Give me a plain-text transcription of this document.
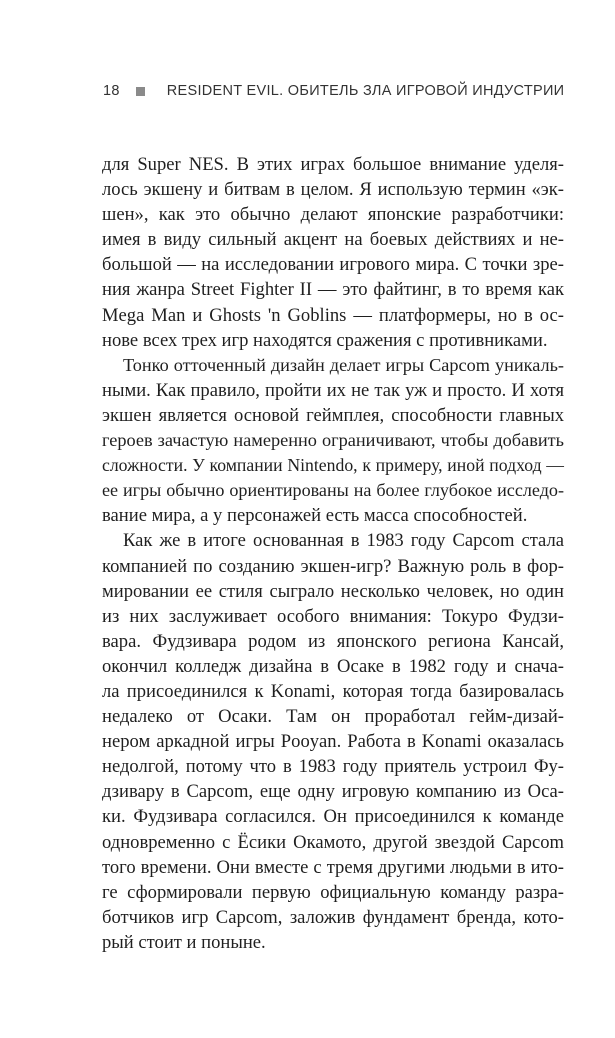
18	RESIDENT EVIL. ОБИТЕЛЬ ЗЛА ИГРОВОЙ ИНДУСТРИИ
для Super NES. В этих играх большое внимание уделя-
лось экшену и битвам в целом. Я использую термин «эк-
шен», как это обычно делают японские разработчики:
имея в виду сильный акцент на боевых действиях и не-
большой — на исследовании игрового мира. С точки зре-
ния жанра Street Fighter II — это файтинг, в то время как
Mega Man и Ghosts 'n Goblins — платформеры, но в ос-
нове всех трех игр находятся сражения с противниками.
Тонко отточенный дизайн делает игры Capcom уникаль-
ными. Как правило, пройти их не так уж и просто. И хотя
экшен является основой геймплея, способности главных
героев зачастую намеренно ограничивают, чтобы добавить
сложности. У компании Nintendo, к примеру, иной подход —
ее игры обычно ориентированы на более глубокое исследо-
вание мира, а у персонажей есть масса способностей.
Как же в итоге основанная в 1983 году Capcom стала
компанией по созданию экшен-игр? Важную роль в фор-
мировании ее стиля сыграло несколько человек, но один
из них заслуживает особого внимания: Токуро Фудзи-
вара. Фудзивара родом из японского региона Кансай,
окончил колледж дизайна в Осаке в 1982 году и снача-
ла присоединился к Konami, которая тогда базировалась
недалеко от Осаки. Там он проработал гейм-дизай-
нером аркадной игры Pooyan. Работа в Konami оказалась
недолгой, потому что в 1983 году приятель устроил Фу-
дзивару в Capcom, еще одну игровую компанию из Оса-
ки. Фудзивара согласился. Он присоединился к команде
одновременно с Ёсики Окамото, другой звездой Capcom
того времени. Они вместе с тремя другими людьми в ито-
ге сформировали первую официальную команду разра-
ботчиков игр Capcom, заложив фундамент бренда, кото-
рый стоит и поныне.
